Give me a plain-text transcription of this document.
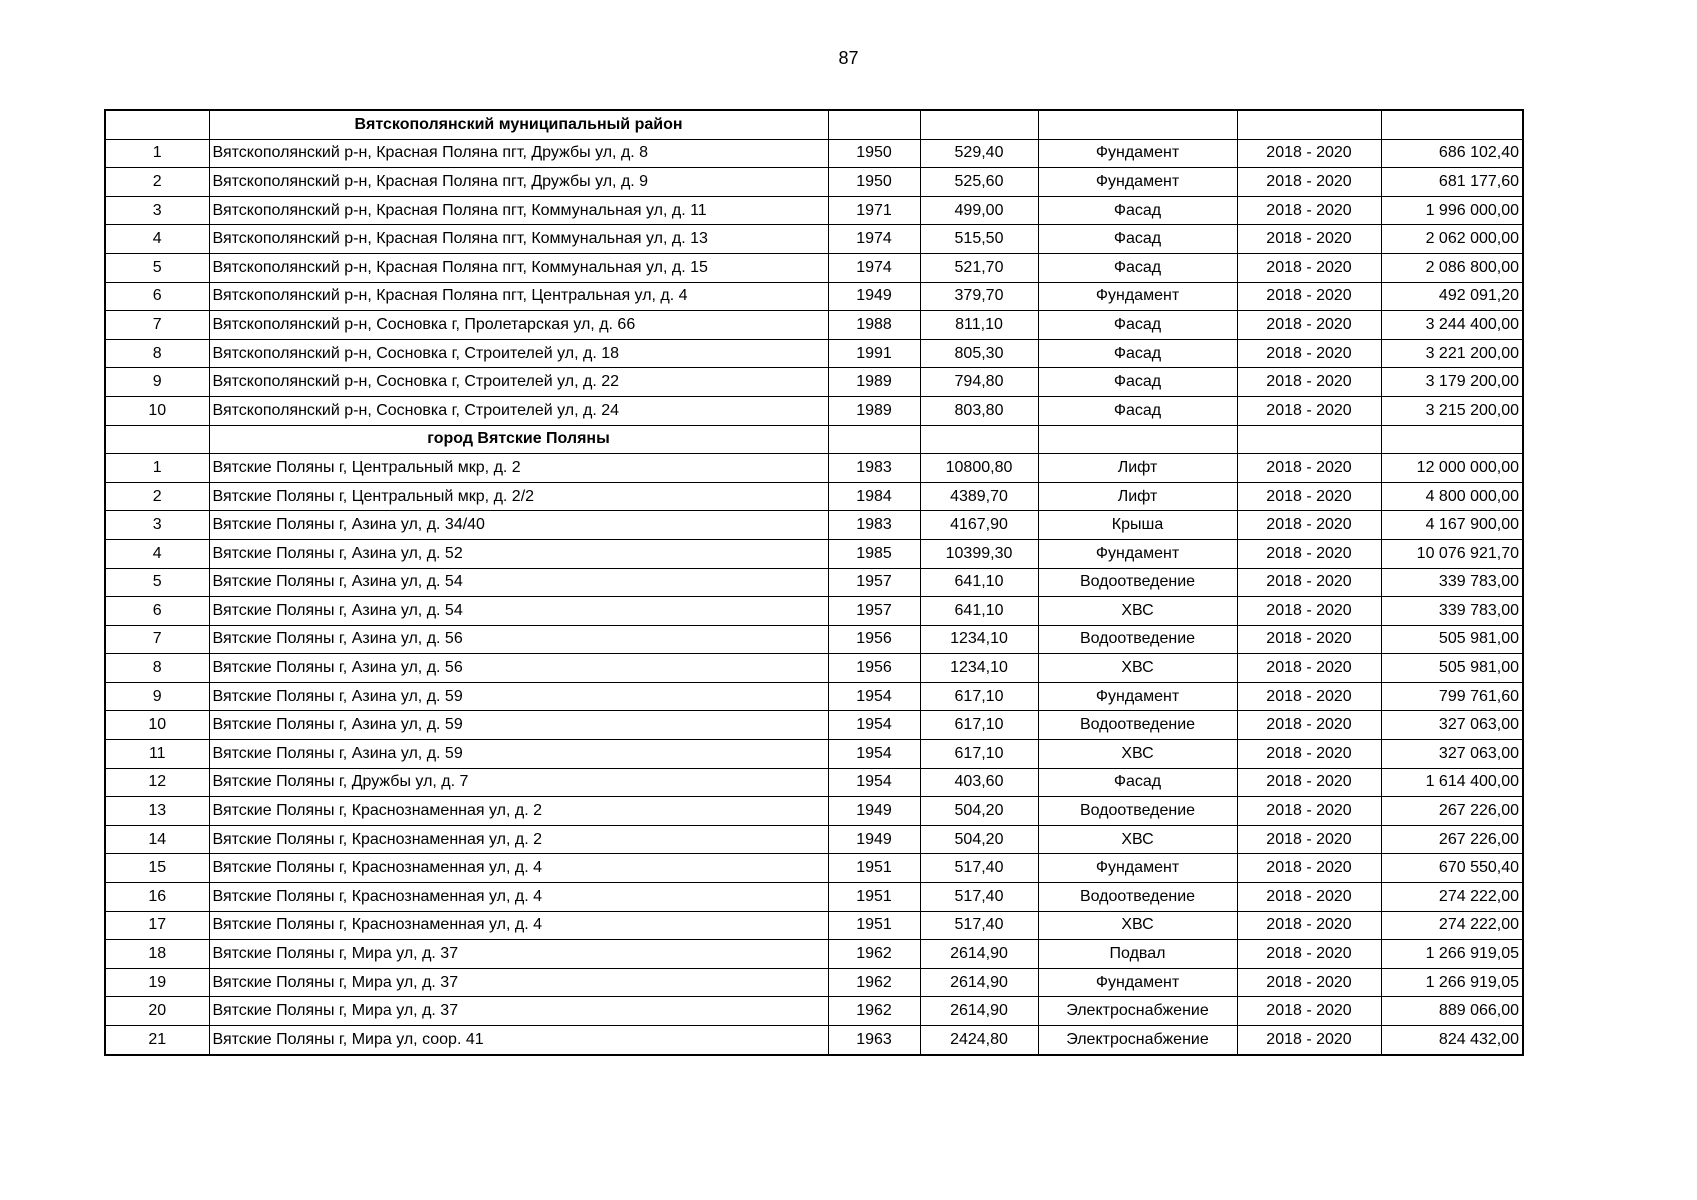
87
	Вятскополянский муниципальный район					
1	Вятскополянский р-н, Красная Поляна пгт, Дружбы ул, д. 8	1950	529,40	Фундамент	2018 - 2020	686 102,40
2	Вятскополянский р-н, Красная Поляна пгт, Дружбы ул, д. 9	1950	525,60	Фундамент	2018 - 2020	681 177,60
3	Вятскополянский р-н, Красная Поляна пгт, Коммунальная ул, д. 11	1971	499,00	Фасад	2018 - 2020	1 996 000,00
4	Вятскополянский р-н, Красная Поляна пгт, Коммунальная ул, д. 13	1974	515,50	Фасад	2018 - 2020	2 062 000,00
5	Вятскополянский р-н, Красная Поляна пгт, Коммунальная ул, д. 15	1974	521,70	Фасад	2018 - 2020	2 086 800,00
6	Вятскополянский р-н, Красная Поляна пгт, Центральная ул, д. 4	1949	379,70	Фундамент	2018 - 2020	492 091,20
7	Вятскополянский р-н, Сосновка г, Пролетарская ул, д. 66	1988	811,10	Фасад	2018 - 2020	3 244 400,00
8	Вятскополянский р-н, Сосновка г, Строителей ул, д. 18	1991	805,30	Фасад	2018 - 2020	3 221 200,00
9	Вятскополянский р-н, Сосновка г, Строителей ул, д. 22	1989	794,80	Фасад	2018 - 2020	3 179 200,00
10	Вятскополянский р-н, Сосновка г, Строителей ул, д. 24	1989	803,80	Фасад	2018 - 2020	3 215 200,00
	город Вятские Поляны					
1	Вятские Поляны г, Центральный мкр, д. 2	1983	10800,80	Лифт	2018 - 2020	12 000 000,00
2	Вятские Поляны г, Центральный мкр, д. 2/2	1984	4389,70	Лифт	2018 - 2020	4 800 000,00
3	Вятские Поляны г, Азина ул, д. 34/40	1983	4167,90	Крыша	2018 - 2020	4 167 900,00
4	Вятские Поляны г, Азина ул, д. 52	1985	10399,30	Фундамент	2018 - 2020	10 076 921,70
5	Вятские Поляны г, Азина ул, д. 54	1957	641,10	Водоотведение	2018 - 2020	339 783,00
6	Вятские Поляны г, Азина ул, д. 54	1957	641,10	ХВС	2018 - 2020	339 783,00
7	Вятские Поляны г, Азина ул, д. 56	1956	1234,10	Водоотведение	2018 - 2020	505 981,00
8	Вятские Поляны г, Азина ул, д. 56	1956	1234,10	ХВС	2018 - 2020	505 981,00
9	Вятские Поляны г, Азина ул, д. 59	1954	617,10	Фундамент	2018 - 2020	799 761,60
10	Вятские Поляны г, Азина ул, д. 59	1954	617,10	Водоотведение	2018 - 2020	327 063,00
11	Вятские Поляны г, Азина ул, д. 59	1954	617,10	ХВС	2018 - 2020	327 063,00
12	Вятские Поляны г, Дружбы ул, д. 7	1954	403,60	Фасад	2018 - 2020	1 614 400,00
13	Вятские Поляны г, Краснознаменная ул, д. 2	1949	504,20	Водоотведение	2018 - 2020	267 226,00
14	Вятские Поляны г, Краснознаменная ул, д. 2	1949	504,20	ХВС	2018 - 2020	267 226,00
15	Вятские Поляны г, Краснознаменная ул, д. 4	1951	517,40	Фундамент	2018 - 2020	670 550,40
16	Вятские Поляны г, Краснознаменная ул, д. 4	1951	517,40	Водоотведение	2018 - 2020	274 222,00
17	Вятские Поляны г, Краснознаменная ул, д. 4	1951	517,40	ХВС	2018 - 2020	274 222,00
18	Вятские Поляны г, Мира ул, д. 37	1962	2614,90	Подвал	2018 - 2020	1 266 919,05
19	Вятские Поляны г, Мира ул, д. 37	1962	2614,90	Фундамент	2018 - 2020	1 266 919,05
20	Вятские Поляны г, Мира ул, д. 37	1962	2614,90	Электроснабжение	2018 - 2020	889 066,00
21	Вятские Поляны г, Мира ул, соор. 41	1963	2424,80	Электроснабжение	2018 - 2020	824 432,00
